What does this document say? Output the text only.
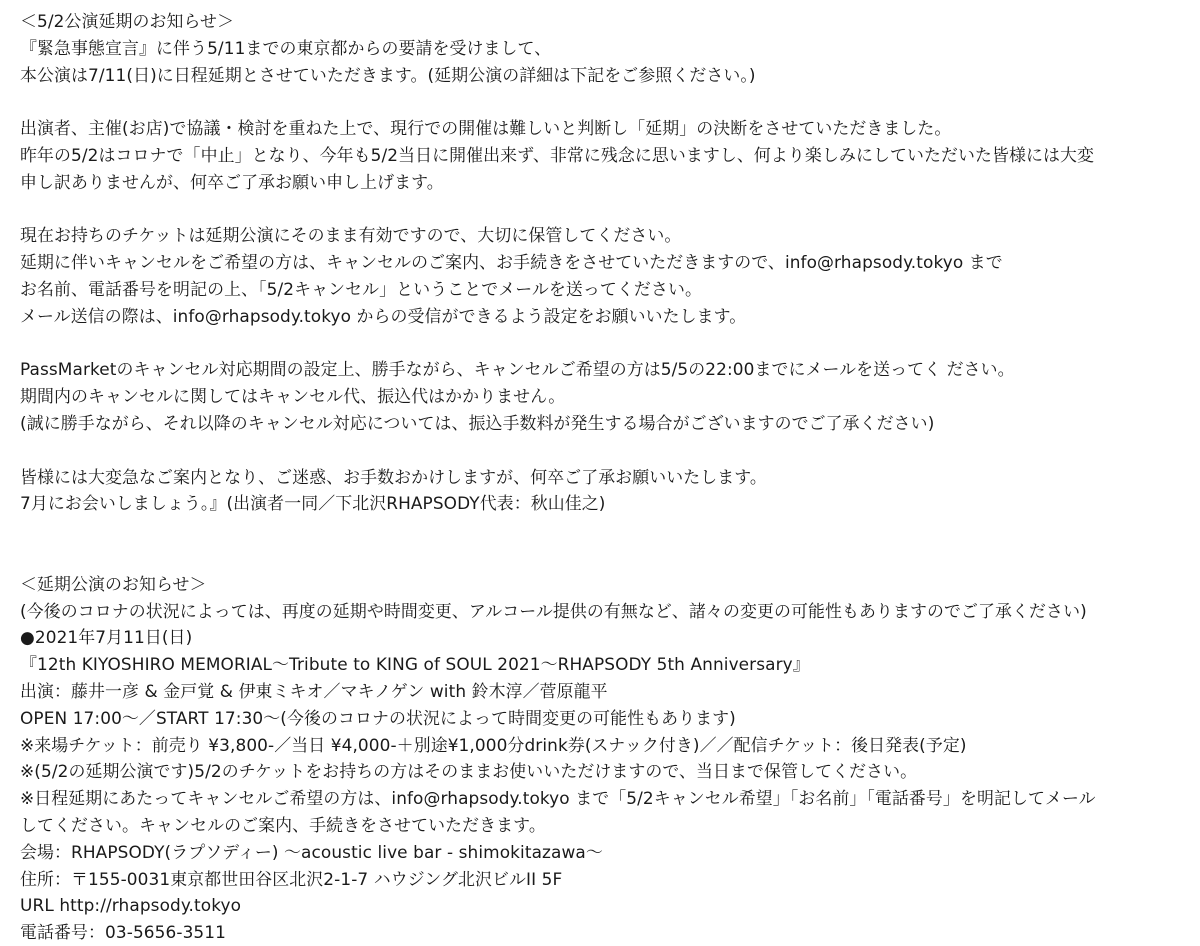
＜5/2公演延期のお知らせ＞
『緊急事態宣言』に伴う5/11までの東京都からの要請を受けまして、
本公演は7/11(日)に日程延期とさせていただきます。(延期公演の詳細は下記をご参照ください。)
出演者、主催(お店)で協議・検討を重ねた上で、現行での開催は難しいと判断し「延期」の決断をさせていただきました。
昨年の5/2はコロナで「中止」となり、今年も5/2当日に開催出来ず、非常に残念に思いますし、何より楽しみにしていただいた皆様には大変
申し訳ありませんが、何卒ご了承お願い申し上げます。
現在お持ちのチケットは延期公演にそのまま有効ですので、大切に保管してください。
延期に伴いキャンセルをご希望の方は、キャンセルのご案内、お手続きをさせていただきますので、info@rhapsody.tokyo まで
お名前、電話番号を明記の上、「5/2キャンセル」ということでメールを送ってください。
メール送信の際は、info@rhapsody.tokyo からの受信ができるよう設定をお願いいたします。
PassMarketのキャンセル対応期間の設定上、勝手ながら、キャンセルご希望の方は5/5の22:00までにメールを送ってく ださい。
期間内のキャンセルに関してはキャンセル代、振込代はかかりません。
(誠に勝手ながら、それ以降のキャンセル対応については、振込手数料が発生する場合がございますのでご了承ください)
皆様には大変急なご案内となり、ご迷惑、お手数おかけしますが、何卒ご了承お願いいたします。
7月にお会いしましょう。』(出演者一同／下北沢RHAPSODY代表：秋山佳之)
＜延期公演のお知らせ＞
(今後のコロナの状況によっては、再度の延期や時間変更、アルコール提供の有無など、諸々の変更の可能性もありますのでご了承ください)
●2021年7月11日(日)
『12th KIYOSHIRO MEMORIAL〜Tribute to KING of SOUL 2021〜RHAPSODY 5th Anniversary』
出演：藤井一彦 & 金戸覚 & 伊東ミキオ／マキノゲン with 鈴木淳／菅原龍平
OPEN 17:00〜／START 17:30〜(今後のコロナの状況によって時間変更の可能性もあります)
※来場チケット：前売り ¥3,800-／当日 ¥4,000-＋別途¥1,000分drink券(スナック付き)／／配信チケット：後日発表(予定)
※(5/2の延期公演です)5/2のチケットをお持ちの方はそのままお使いいただけますので、当日まで保管してください。
※日程延期にあたってキャンセルご希望の方は、info@rhapsody.tokyo まで「5/2キャンセル希望」「お名前」「電話番号」を明記してメール
してください。キャンセルのご案内、手続きをさせていただきます。
会場：RHAPSODY(ラプソディー) 〜acoustic live bar - shimokitazawa〜
住所：〒155-0031東京都世田谷区北沢2-1-7 ハウジング北沢ビルII 5F
URL http://rhapsody.tokyo
電話番号：03-5656-3511
